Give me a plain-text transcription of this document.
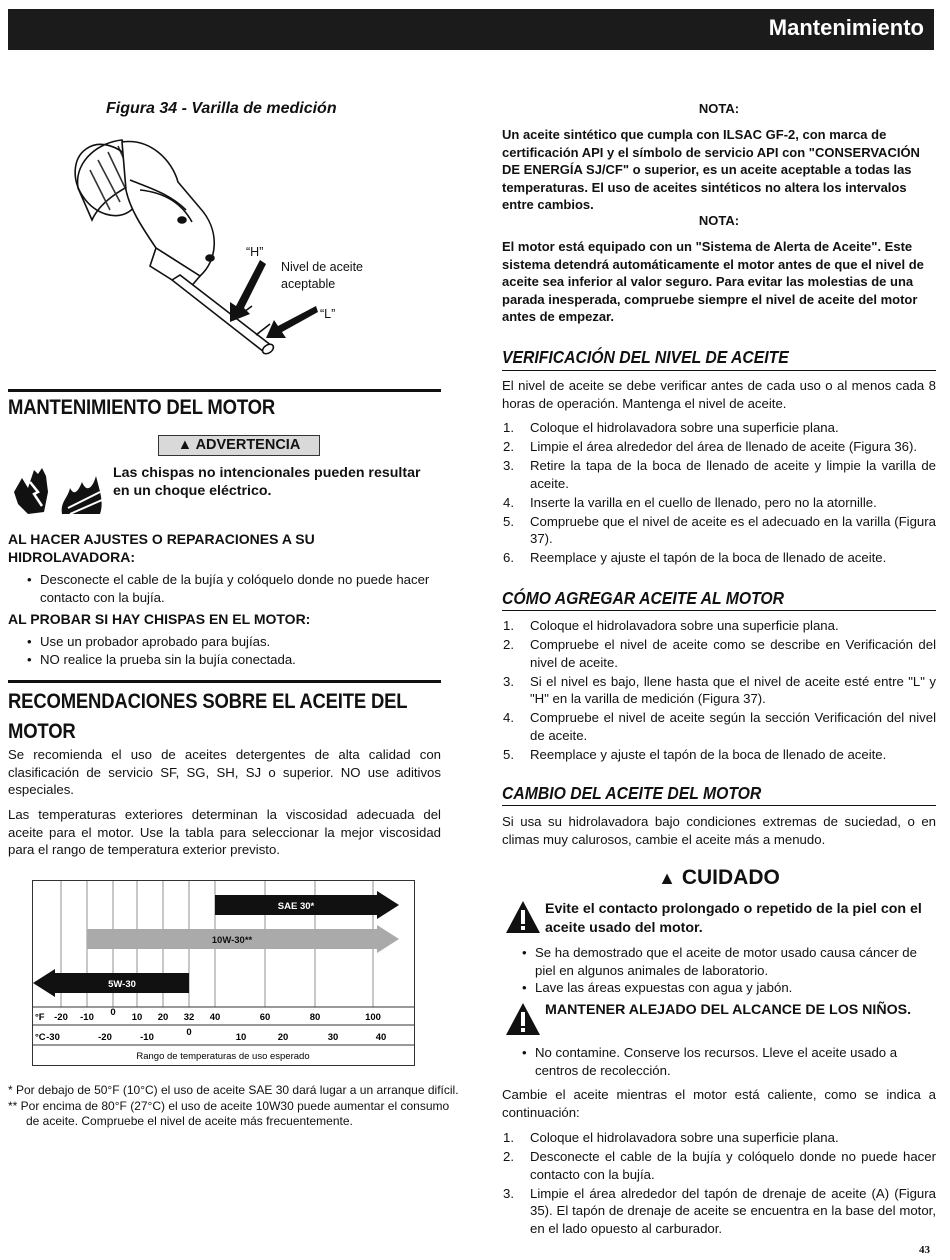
Mantenimiento
Figura 34 - Varilla de medición
“H”
Nivel de aceite
aceptable
“L”
MANTENIMIENTO DEL MOTOR
▲ ADVERTENCIA
Las chispas no intencionales pueden resultar
en un choque eléctrico.
AL HACER AJUSTES O REPARACIONES A SU
HIDROLAVADORA:
• Desconecte el cable de la bujía y colóquelo donde no puede hacer
contacto con la bujía.
AL PROBAR SI HAY CHISPAS EN EL MOTOR:
• Use un probador aprobado para bujías.
• NO realice la prueba sin la bujía conectada.
RECOMENDACIONES SOBRE EL ACEITE DEL
MOTOR
Se recomienda el uso de aceites detergentes de alta calidad con clasificación de servicio SF, SG, SH, SJ o superior. NO use aditivos especiales.
Las temperaturas exteriores determinan la viscosidad adecuada del aceite para el motor. Use la tabla para seleccionar la mejor viscosidad para el rango de temperatura exterior previsto.
SAE 30*
10W-30**
5W-30
°F -20 -10 0 10 20 32 40	60	80	100
°C -30	-20	-10	0	10	20	30	40
Rango de temperaturas de uso esperado
* Por debajo de 50°F (10°C) el uso de aceite SAE 30 dará lugar a un arranque difícil.
** Por encima de 80°F (27°C) el uso de aceite 10W30 puede aumentar el consumo
de aceite. Compruebe el nivel de aceite más frecuentemente.
NOTA:
Un aceite sintético que cumpla con ILSAC GF-2, con marca de
certificación API y el símbolo de servicio API con "CONSERVACIÓN
DE ENERGÍA SJ/CF" o superior, es un aceite aceptable a todas las
temperaturas. El uso de aceites sintéticos no altera los intervalos
entre cambios.
NOTA:
El motor está equipado con un "Sistema de Alerta de Aceite". Este
sistema detendrá automáticamente el motor antes de que el nivel de
aceite sea inferior al valor seguro. Para evitar las molestias de una
parada inesperada, compruebe siempre el nivel de aceite del motor
antes de empezar.
VERIFICACIÓN DEL NIVEL DE ACEITE
El nivel de aceite se debe verificar antes de cada uso o al menos cada 8 horas de operación. Mantenga el nivel de aceite.
1. Coloque el hidrolavadora sobre una superficie plana.
2. Limpie el área alrededor del área de llenado de aceite (Figura 36).
3. Retire la tapa de la boca de llenado de aceite y limpie la varilla de aceite.
4. Inserte la varilla en el cuello de llenado, pero no la atornille.
5. Compruebe que el nivel de aceite es el adecuado en la varilla (Figura 37).
6. Reemplace y ajuste el tapón de la boca de llenado de aceite.
CÓMO AGREGAR ACEITE AL MOTOR
1. Coloque el hidrolavadora sobre una superficie plana.
2. Compruebe el nivel de aceite como se describe en Verificación del nivel de aceite.
3. Si el nivel es bajo, llene hasta que el nivel de aceite esté entre "L" y "H" en la varilla de medición (Figura 37).
4. Compruebe el nivel de aceite según la sección Verificación del nivel de aceite.
5. Reemplace y ajuste el tapón de la boca de llenado de aceite.
CAMBIO DEL ACEITE DEL MOTOR
Si usa su hidrolavadora bajo condiciones extremas de suciedad, o en climas muy calurosos, cambie el aceite más a menudo.
▲ CUIDADO
Evite el contacto prolongado o repetido de la piel con el
aceite usado del motor.
• Se ha demostrado que el aceite de motor usado causa cáncer de
piel en algunos animales de laboratorio.
• Lave las áreas expuestas con agua y jabón.
MANTENER ALEJADO DEL ALCANCE DE LOS NIÑOS.
• No contamine. Conserve los recursos. Lleve el aceite usado a
centros de recolección.
Cambie el aceite mientras el motor está caliente, como se indica a continuación:
1. Coloque el hidrolavadora sobre una superficie plana.
2. Desconecte el cable de la bujía y colóquelo donde no puede hacer contacto con la bujía.
3. Limpie el área alrededor del tapón de drenaje de aceite (A) (Figura 35). El tapón de drenaje de aceite se encuentra en la base del motor, en el lado opuesto al carburador.
43
